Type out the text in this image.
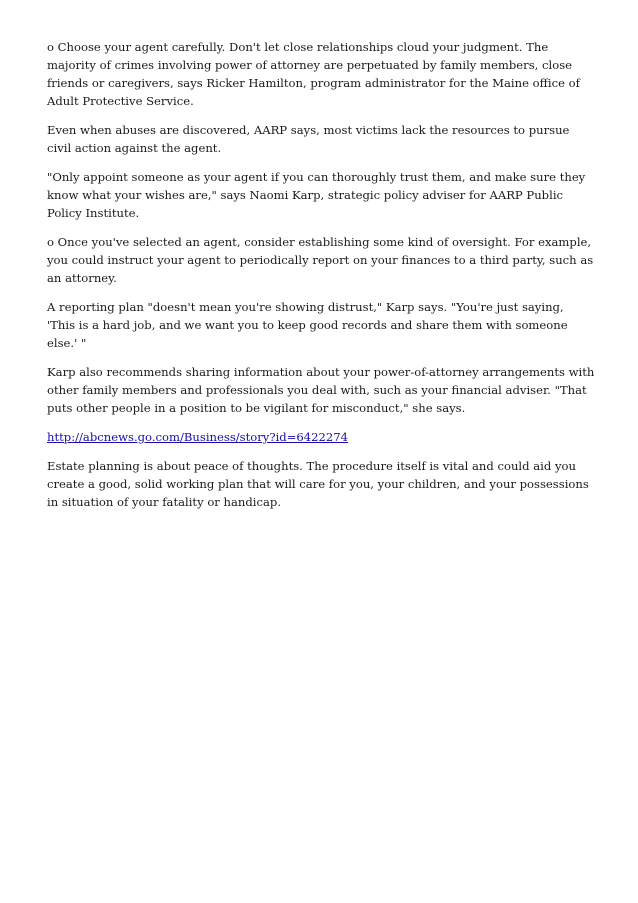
o Choose your agent carefully. Don't let close relationships cloud your judgment. The majority of crimes involving power of attorney are perpetuated by family members, close friends or caregivers, says Ricker Hamilton, program administrator for the Maine office of Adult Protective Service.

Even when abuses are discovered, AARP says, most victims lack the resources to pursue civil action against the agent.

"Only appoint someone as your agent if you can thoroughly trust them, and make sure they know what your wishes are," says Naomi Karp, strategic policy adviser for AARP Public Policy Institute.

o Once you've selected an agent, consider establishing some kind of oversight. For example, you could instruct your agent to periodically report on your finances to a third party, such as an attorney.

A reporting plan "doesn't mean you're showing distrust," Karp says. "You're just saying, 'This is a hard job, and we want you to keep good records and share them with someone else.' "

Karp also recommends sharing information about your power-of-attorney arrangements with other family members and professionals you deal with, such as your financial adviser. "That puts other people in a position to be vigilant for misconduct," she says.

http://abcnews.go.com/Business/story?id=6422274

Estate planning is about peace of thoughts. The procedure itself is vital and could aid you create a good, solid working plan that will care for you, your children, and your possessions in situation of your fatality or handicap.
